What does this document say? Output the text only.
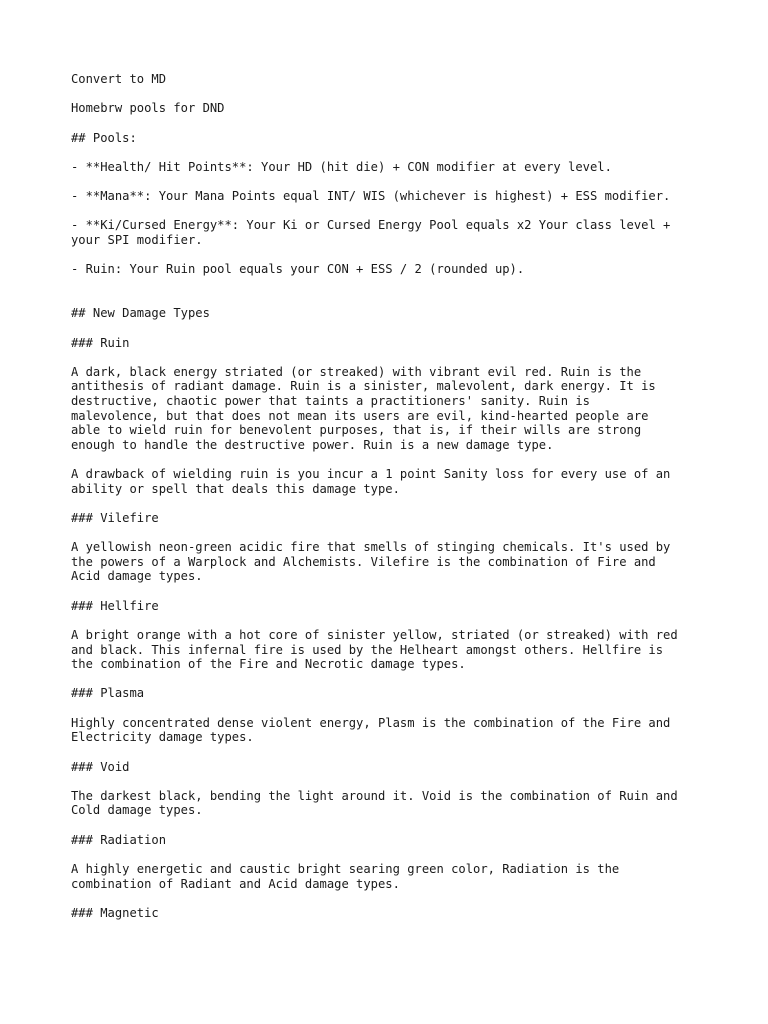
Convert to MD
Homebrw pools for DND
## Pools:
- **Health/ Hit Points**: Your HD (hit die) + CON modifier at every level.
- **Mana**: Your Mana Points equal INT/ WIS (whichever is highest) + ESS modifier.
- **Ki/Cursed Energy**: Your Ki or Cursed Energy Pool equals x2 Your class level +
your SPI modifier.
- Ruin: Your Ruin pool equals your CON + ESS / 2 (rounded up).
## New Damage Types
### Ruin
A dark, black energy striated (or streaked) with vibrant evil red. Ruin is the
antithesis of radiant damage. Ruin is a sinister, malevolent, dark energy. It is
destructive, chaotic power that taints a practitioners' sanity. Ruin is
malevolence, but that does not mean its users are evil, kind-hearted people are
able to wield ruin for benevolent purposes, that is, if their wills are strong
enough to handle the destructive power. Ruin is a new damage type.
A drawback of wielding ruin is you incur a 1 point Sanity loss for every use of an
ability or spell that deals this damage type.
### Vilefire
A yellowish neon-green acidic fire that smells of stinging chemicals. It's used by
the powers of a Warplock and Alchemists. Vilefire is the combination of Fire and
Acid damage types.
### Hellfire
A bright orange with a hot core of sinister yellow, striated (or streaked) with red
and black. This infernal fire is used by the Helheart amongst others. Hellfire is
the combination of the Fire and Necrotic damage types.
### Plasma
Highly concentrated dense violent energy, Plasm is the combination of the Fire and
Electricity damage types.
### Void
The darkest black, bending the light around it. Void is the combination of Ruin and
Cold damage types.
### Radiation
A highly energetic and caustic bright searing green color, Radiation is the
combination of Radiant and Acid damage types.
### Magnetic
